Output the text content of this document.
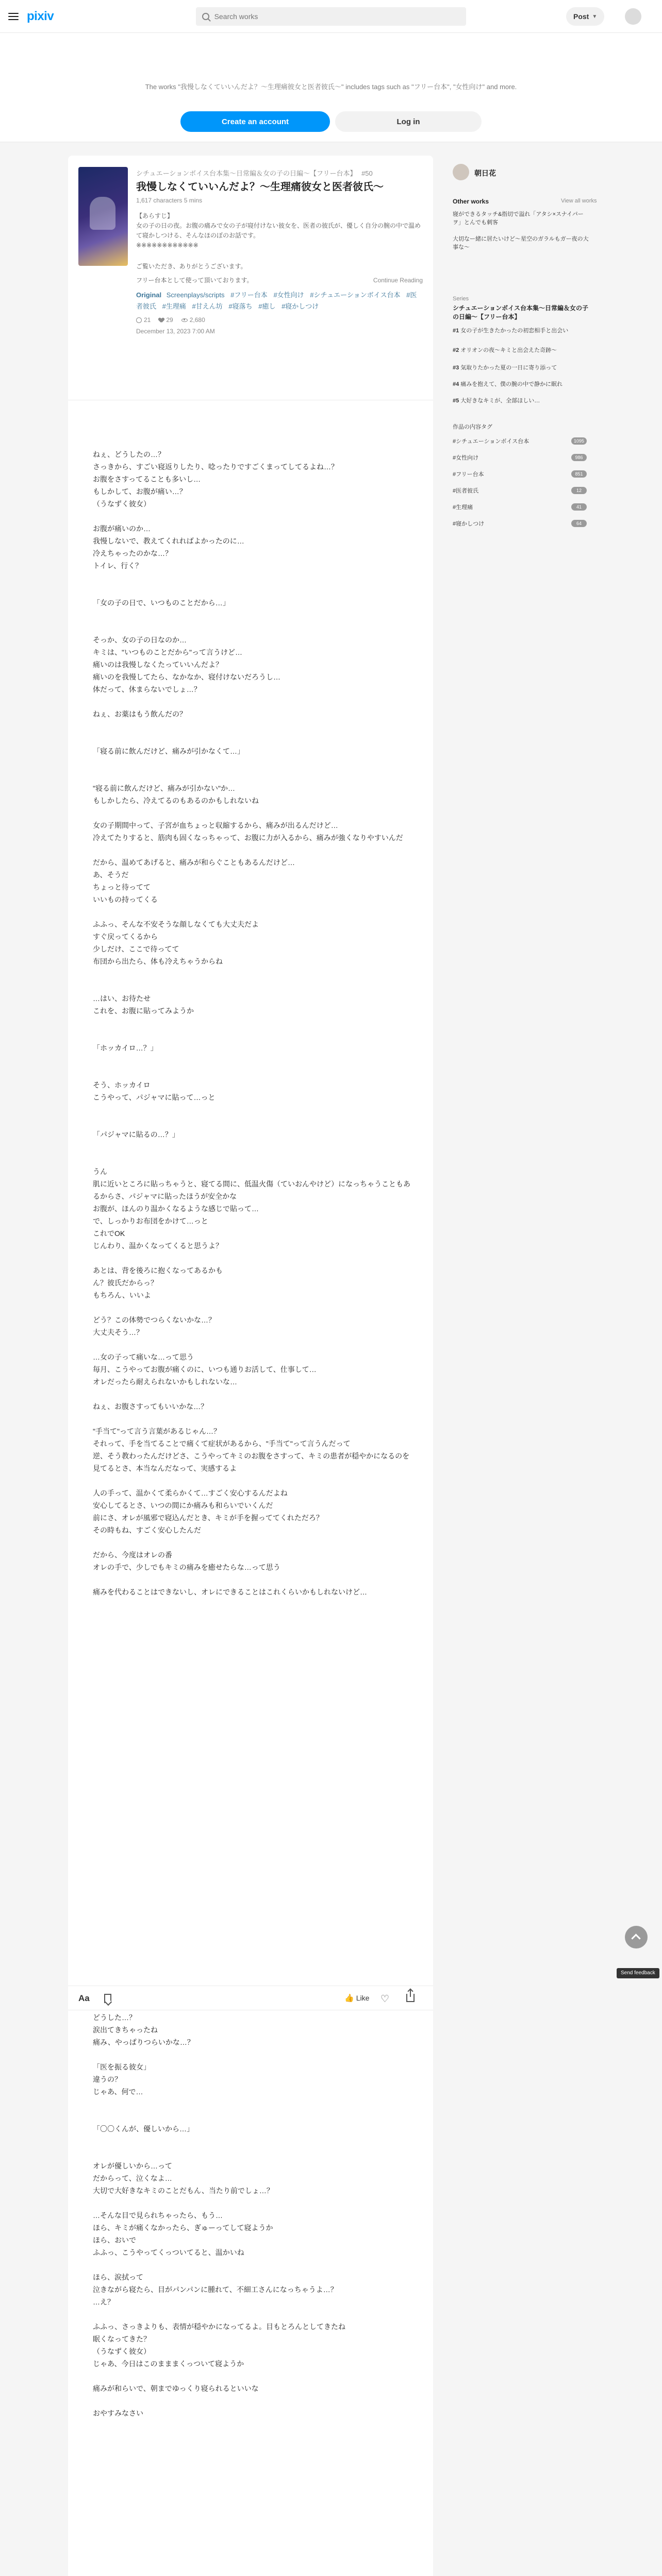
pixiv
Search works	Post ▼
The works "我慢しなくていいんだよ？〜生理痛彼女と医者彼氏〜" includes tags such as "フリー台本", "女性向け" and more.
Create an account	Log in
シチュエーションボイス台本集〜日常編＆女の子の日編〜【フリー台本】 #50
我慢しなくていいんだよ？〜生理痛彼女と医者彼氏〜
1,617 characters 5 mins
【あらすじ】
女の子の日の夜。お腹の痛みで女の子が寝付けない彼女を、医者の彼氏が、優しく自分の腕の中で温めて寝かしつける、そんなほのぼのお話です。
※※※※※※※※※※※※
ご覧いただき、ありがとうございます。
フリー台本として使って頂いております。	Continue Reading
Original Screenplays/scripts #フリー台本 #女性向け #シチュエーションボイス台本 #医者彼氏 #生理痛 #甘えん坊 #寝落ち #癒し #寝かしつけ
21	29	2,680
December 13, 2023 7:00 AM
ねぇ、どうしたの…？
さっきから、すごい寝返りしたり、唸ったりですごくまってしてるよね…？
お腹をさすってることも多いし…
もしかして、お腹が痛い…？
（うなずく彼女）

お腹が痛いのか…
我慢しないで、教えてくれればよかったのに…
冷えちゃったのかな…？
トイレ、行く？

「女の子の日で、いつものことだから…」

そっか、女の子の日なのか…
キミは、"いつものことだから"って言うけど…
痛いのは我慢しなくたっていいんだよ？
痛いのを我慢してたら、なかなか、寝付けないだろうし…
体だって、休まらないでしょ…？

ねぇ、お薬はもう飲んだの？

「寝る前に飲んだけど、痛みが引かなくて…」

"寝る前に飲んだけど、痛みが引かない"か…
もしかしたら、冷えてるのもあるのかもしれないね

女の子期間中って、子宮が血ちょっと収縮するから、痛みが出るんだけど…
冷えてたりすると、筋肉も固くなっちゃって、お腹に力が入るから、痛みが強くなりやすいんだ

だから、温めてあげると、痛みが和らぐこともあるんだけど…
あ、そうだ
ちょっと待ってて
いいもの持ってくる

ふふっ、そんな不安そうな顔しなくても大丈夫だよ
すぐ戻ってくるから
少しだけ、ここで待ってて
布団から出たら、体も冷えちゃうからね

…はい、お待たせ
これを、お腹に貼ってみようか

「ホッカイロ…？」

そう、ホッカイロ
こうやって、パジャマに貼って…っと

「パジャマに貼るの…？」

うん
肌に近いところに貼っちゃうと、寝てる間に、低温火傷（ていおんやけど）になっちゃうこともあるからさ、パジャマに貼ったほうが安全かな
お腹が、ほんのり温かくなるような感じで貼って…
で、しっかりお布団をかけて…っと
これでOK
じんわり、温かくなってくると思うよ？

あとは、背を後ろに抱くなってあるかも
ん？彼氏だからっ？
もちろん、いいよ

どう？この体勢でつらくないかな…？
大丈夫そう…？

…女の子って痛いな…って思う
毎月、こうやってお腹が痛くのに、いつも通りお活して、仕事して…
オレだったら耐えられないかもしれないな…

ねぇ、お腹さすってもいいかな…？

"手当て"って言う言葉があるじゃん…？
それって、手を当てることで痛くて症状があるから、"手当て"って言うんだって
逆、そう教わったんだけどさ、こうやってキミのお腹をさすって、キミの患者が穏やかになるのを見てるとさ、本当なんだなって、実感するよ

人の手って、温かくて柔らかくて…すごく安心するんだよね
安心してるとさ、いつの間にか痛みも和らいでいくんだ
前にさ、オレが風邪で寝込んだとき、キミが手を握っててくれただろ？
その時もね、すごく安心したんだ

だから、今度はオレの番
オレの手で、少しでもキミの痛みを癒せたらな…って思う

痛みを代わることはできないし、オレにできることはこれくらいかもしれないけど…
どうした…？
涙出てきちゃったね
痛み、やっぱりつらいかな…？

「医を振る彼女」
違うの？
じゃあ、何で…

「〇〇くんが、優しいから…」

オレが優しいから…って
だからって、泣くなよ…
大切で大好きなキミのことだもん、当たり前でしょ…？

…そんな目で見られちゃったら、もう…
ほら、キミが痛くなかったら、ぎゅーってして寝ようか
ほら、おいで
ふふっ、こうやってくっついてると、温かいね

ほら、涙拭って
泣きながら寝たら、目がパンパンに腫れて、不細工さんになっちゃうよ…？
…え？

ふふっ、さっきよりも、表情が穏やかになってるよ。目もとろんとしてきたね
眠くなってきた？
（うなずく彼女）
じゃあ、今日はこのまままくっついて寝ようか

痛みが和らいで、朝までゆっくり寝られるといいな

おやすみなさい
Aa	👍 Like ♡
朝日花
Other works	View all works
寝ができるタッチ&指切で溢れ「アタシ×スナイパーヲ」とんでも刺客
大切なー緒に居たいけど〜星空のガラルもガー夜の大事な〜
Series
シチュエーションボイス台本集〜日常編＆女の子の日編〜【フリー台本】
#1 女の子が生きたかったの初恋相手と出会い
#2 オリオンの夜〜キミと出会えた奇跡〜
#3 気取りたかった夏の一日に寄り添って
#4 痛みを抱えて、僕の腕の中で静かに眠れ
#5 大好きなキミが、全部ほしい…
作品の内容タグ
#シチュエーションボイス台本	1095
#女性向け	986
#フリー台本	851
#医者彼氏	12
#生理痛	41
#寝かしつけ	64
Send feedback
